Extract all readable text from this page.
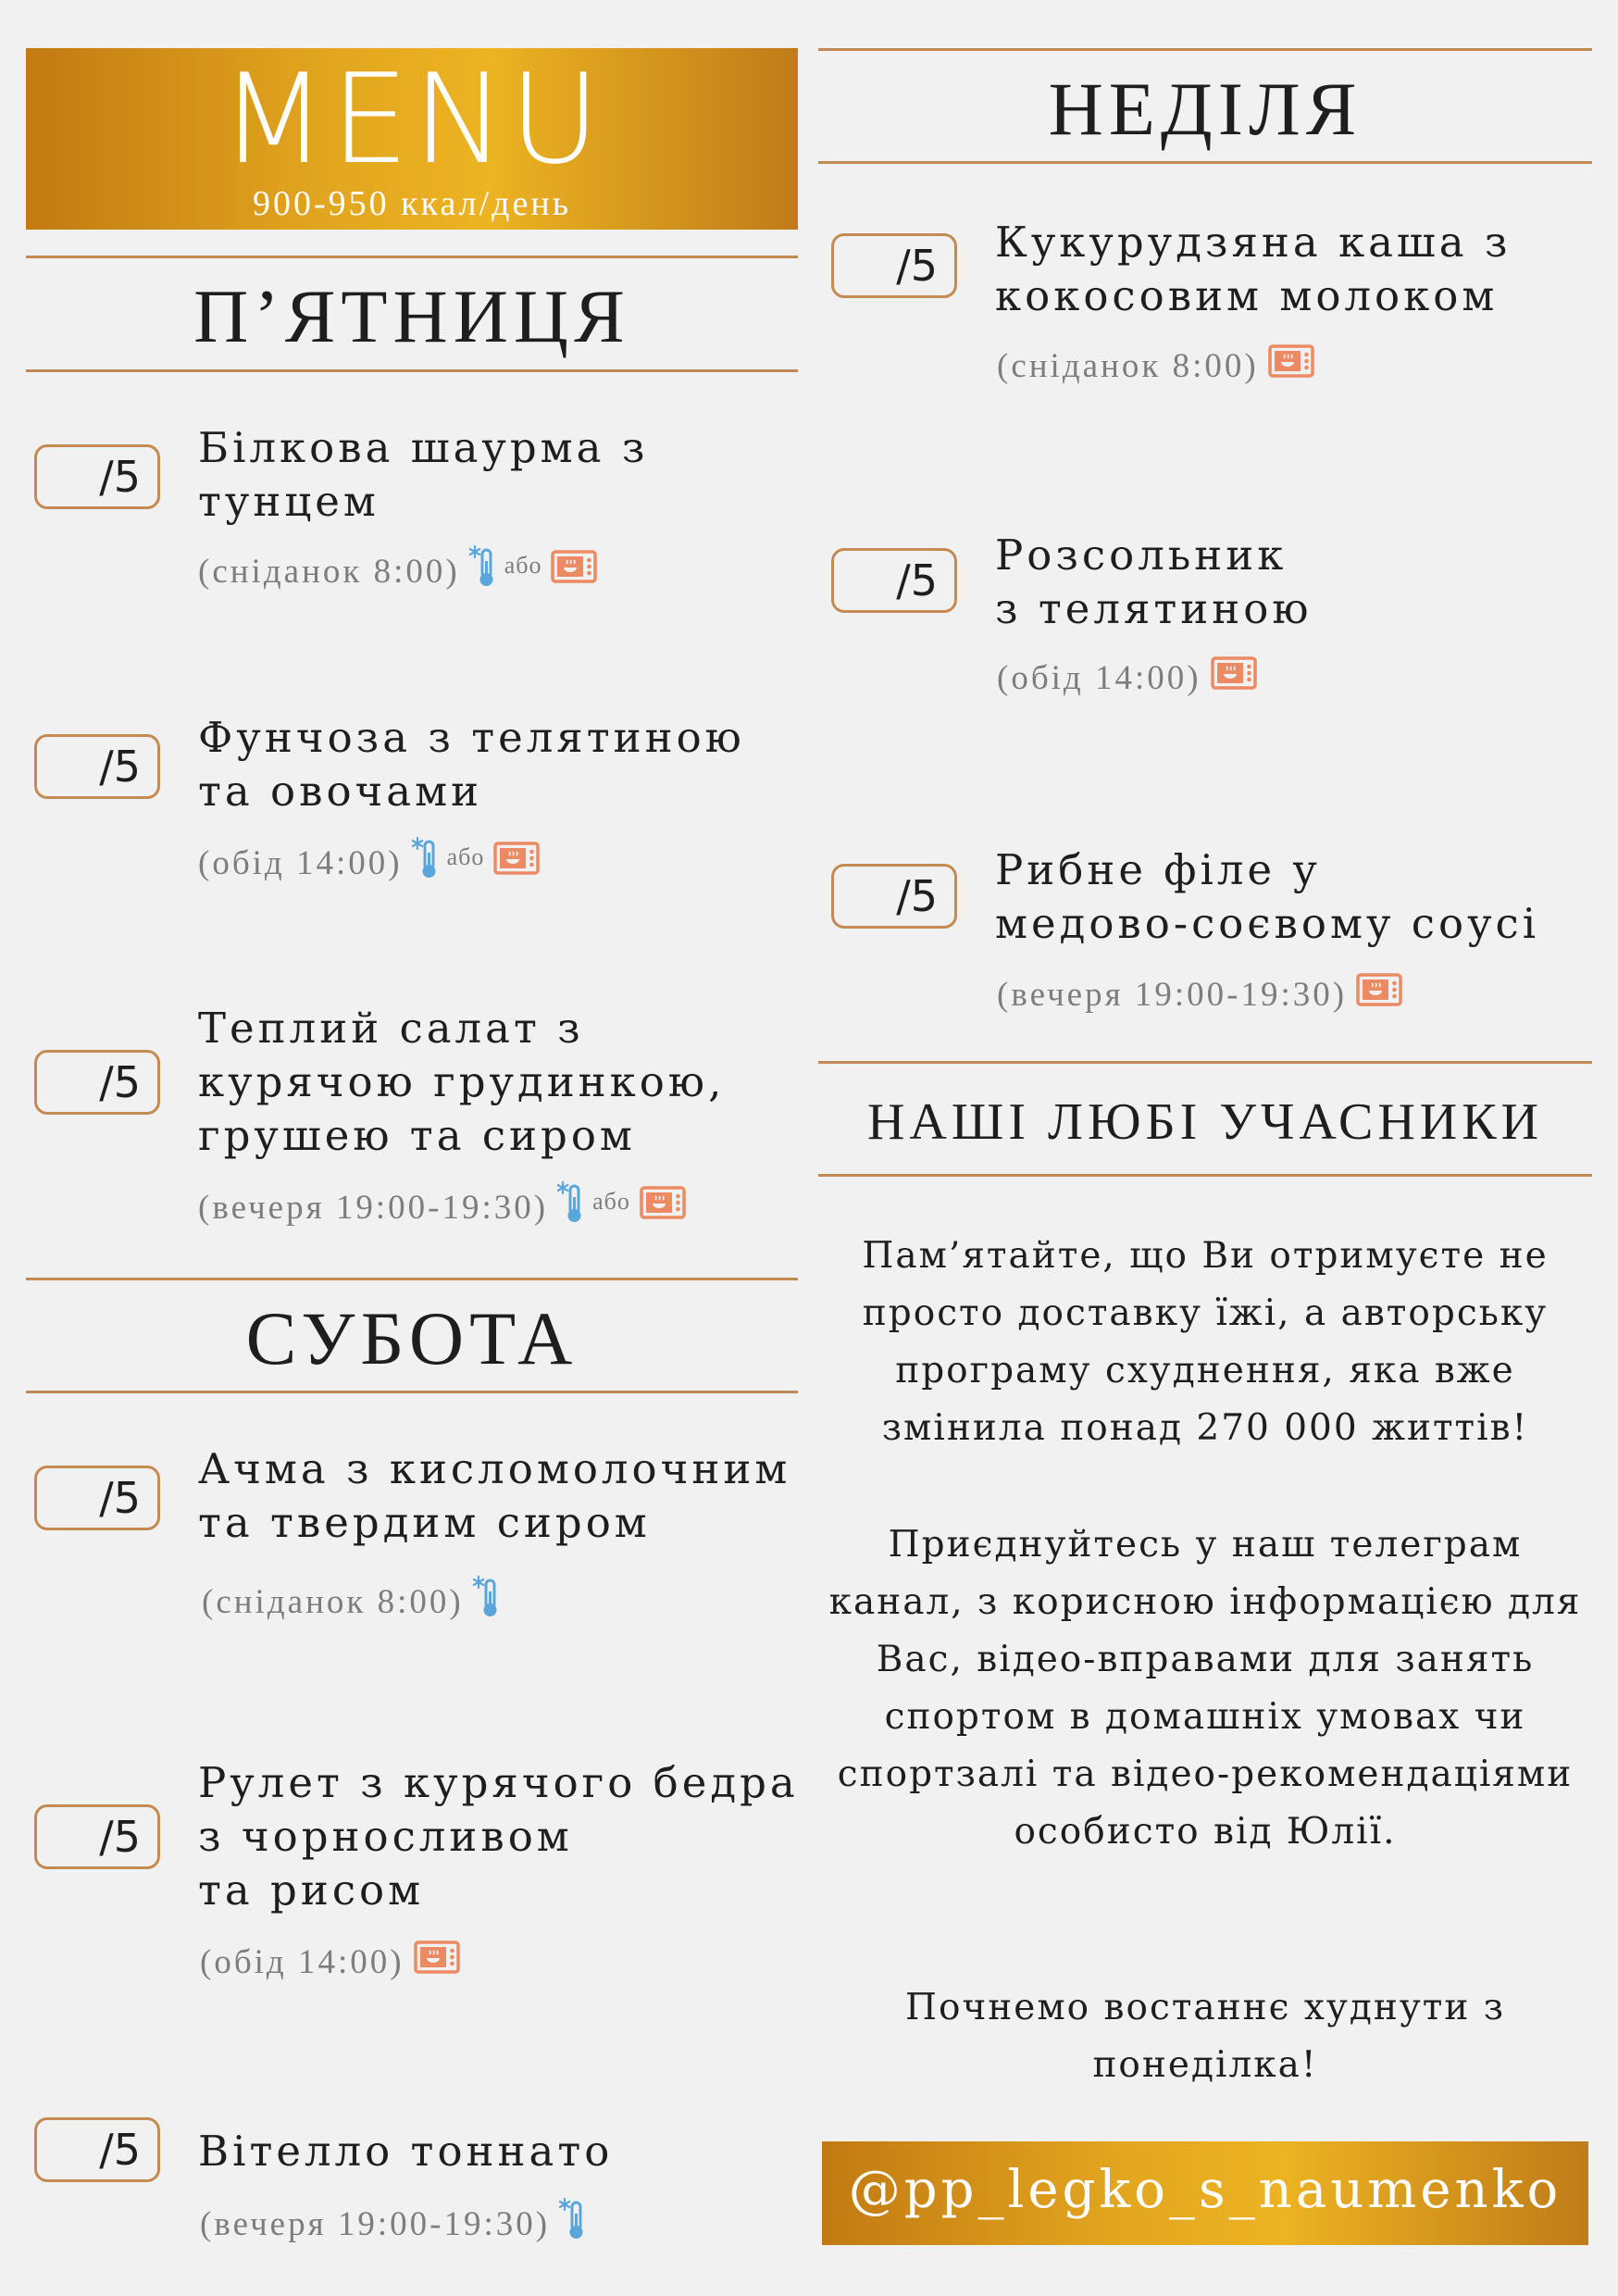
MENU
900-950 ккал/день
П’ЯТНИЦЯ
/5
Білкова шаурма з
тунцем
(сніданок 8:00) або
/5
Фунчоза з телятиною
та овочами
(обід 14:00) або
/5
Теплий салат з
курячою грудинкою,
грушею та сиром
(вечеря 19:00-19:30) або
СУБОТА
/5
Ачма з кисломолочним
та твердим сиром
(сніданок 8:00)
/5
Рулет з курячого бедра
з чорносливом
та рисом
(обід 14:00)
/5	Вітелло тоннато
(вечеря 19:00-19:30)
НЕДІЛЯ
/5	Кукурудзяна каша з
кокосовим молоком
(сніданок 8:00)
/5
Розсольник
з телятиною
(обід 14:00)
/5
Рибне філе у
медово-соєвому соусі
(вечеря 19:00-19:30)
НАШІ ЛЮБІ УЧАСНИКИ
Пам’ятайте, що Ви отримуєте не просто доставку їжі, а авторську програму схуднення, яка вже змінила понад 270 000 життів!
Приєднуйтесь у наш телеграм канал, з корисною інформацією для Вас, відео-вправами для занять спортом в домашніх умовах чи спортзалі та відео-рекомендаціями особисто від Юлії.
Почнемо востаннє худнути з понеділка!
@pp_legko_s_naumenko
